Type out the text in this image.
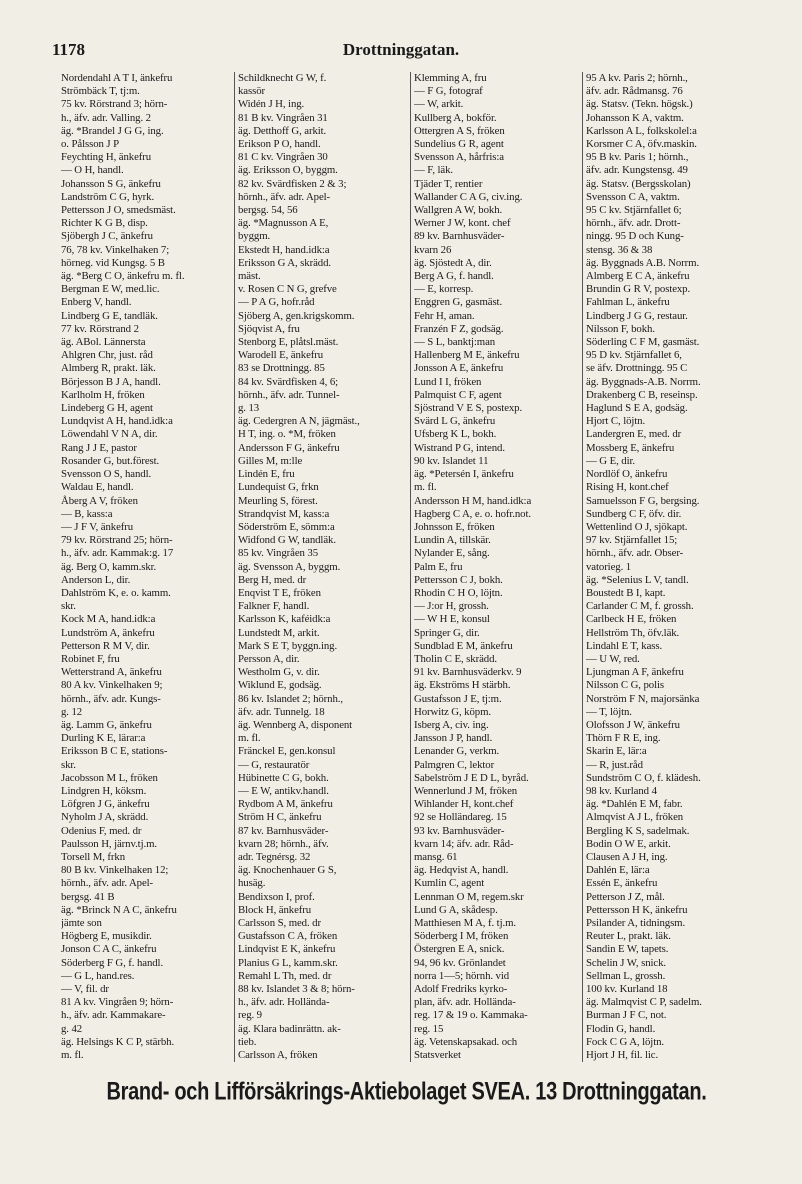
1178	Drottninggatan.
Nordendahl A T I, änkefru
Strömbäck T, tj:m.
75 kv. Rörstrand 3; hörn-
h., äfv. adr. Valling. 2
äg. *Brandel J G G, ing.
o. Pålsson J P
Feychting H, änkefru
— O H, handl.
Johansson S G, änkefru
Landström C G, hyrk.
Pettersson J O, smedsmäst.
Richter K G B, disp.
Sjöbergh J C, änkefru
76, 78 kv. Vinkelhaken 7;
hörneg. vid Kungsg. 5 B
äg. *Berg C O, änkefru m. fl.
Bergman E W, med.lic.
Enberg V, handl.
Lindberg G E, tandläk.
77 kv. Rörstrand 2
äg. ABol. Lännersta
Ahlgren Chr, just. råd
Almberg R, prakt. läk.
Börjesson B J A, handl.
Karlholm H, fröken
Lindeberg G H, agent
Lundqvist A H, hand.idk:a
Löwendahl V N A, dir.
Rang J J E, pastor
Rosander G, but.förest.
Svensson O S, handl.
Waldau E, handl.
Åberg A V, fröken
— B, kass:a
— J F V, änkefru
79 kv. Rörstrand 25; hörn-
h., äfv. adr. Kammak:g. 17
äg. Berg O, kamm.skr.
Anderson L, dir.
Dahlström K, e. o. kamm.
skr.
Kock M A, hand.idk:a
Lundström A, änkefru
Petterson R M V, dir.
Robinet F, fru
Wetterstrand A, änkefru
80 A kv. Vinkelhaken 9;
hörnh., äfv. adr. Kungs-
g. 12
äg. Lamm G, änkefru
Durling K E, lärar:a
Eriksson B C E, stations-
skr.
Jacobsson M L, fröken
Lindgren H, köksm.
Löfgren J G, änkefru
Nyholm J A, skrädd.
Odenius F, med. dr
Paulsson H, järnv.tj.m.
Torsell M, frkn
80 B kv. Vinkelhaken 12;
hörnh., äfv. adr. Apel-
bergsg. 41 B
äg. *Brinck N A C, änkefru
jämte son
Högberg E, musikdir.
Jonson C A C, änkefru
Söderberg F G, f. handl.
— G L, hand.res.
— V, fil. dr
81 A kv. Vingråen 9; hörn-
h., äfv. adr. Kammakare-
g. 42
äg. Helsings K C P, stärbh.
m. fl.
Schildknecht G W, f.
kassör
Widén J H, ing.
81 B kv. Vingråen 31
äg. Detthoff G, arkit.
Erikson P O, handl.
81 C kv. Vingråen 30
äg. Eriksson O, byggm.
82 kv. Svärdfisken 2 & 3;
hörnh., äfv. adr. Apel-
bergsg. 54, 56
äg. *Magnusson A E,
byggm.
Ekstedt H, hand.idk:a
Eriksson G A, skrädd.
mäst.
v. Rosen C N G, grefve
— P A G, hofr.råd
Sjöberg A, gen.krigskomm.
Sjöqvist A, fru
Stenborg E, plåtsl.mäst.
Warodell E, änkefru
83 se Drottningg. 85
84 kv. Svärdfisken 4, 6;
hörnh., äfv. adr. Tunnel-
g. 13
äg. Cedergren A N, jägmäst.,
H T, ing. o. *M, fröken
Andersson F G, änkefru
Gilles M, m:lle
Lindén E, fru
Lundequist G, frkn
Meurling S, förest.
Strandqvist M, kass:a
Söderström E, sömm:a
Widfond G W, tandläk.
85 kv. Vingråen 35
äg. Svensson A, byggm.
Berg H, med. dr
Enqvist T E, fröken
Falkner F, handl.
Karlsson K, kaféidk:a
Lundstedt M, arkit.
Mark S E T, byggn.ing.
Persson A, dir.
Westholm G, v. dir.
Wiklund E, godsäg.
86 kv. Islandet 2; hörnh.,
äfv. adr. Tunnelg. 18
äg. Wennberg A, disponent
m. fl.
Fränckel E, gen.konsul
— G, restauratör
Hübinette C G, bokh.
— E W, antikv.handl.
Rydbom A M, änkefru
Ström H C, änkefru
87 kv. Barnhusväder-
kvarn 28; hörnh., äfv.
adr. Tegnérsg. 32
äg. Knochenhauer G S,
husäg.
Bendixson I, prof.
Block H, änkefru
Carlsson S, med. dr
Gustafsson C A, fröken
Lindqvist E K, änkefru
Planius G L, kamm.skr.
Remahl L Th, med. dr
88 kv. Islandet 3 & 8; hörn-
h., äfv. adr. Hollända-
reg. 9
äg. Klara badinrättn. ak-
tieb.
Carlsson A, fröken
Klemming A, fru
— F G, fotograf
— W, arkit.
Kullberg A, bokför.
Ottergren A S, fröken
Sundelius G R, agent
Svensson A, hårfris:a
— F, läk.
Tjäder T, rentier
Wallander C A G, civ.ing.
Wallgren A W, bokh.
Werner J W, kont. chef
89 kv. Barnhusväder-
kvarn 26
äg. Sjöstedt A, dir.
Berg A G, f. handl.
— E, korresp.
Enggren G, gasmäst.
Fehr H, aman.
Franzén F Z, godsäg.
— S L, banktj:man
Hallenberg M E, änkefru
Jonsson A E, änkefru
Lund I I, fröken
Palmquist C F, agent
Sjöstrand V E S, postexp.
Svärd L G, änkefru
Ufsberg K L, bokh.
Wistrand P G, intend.
90 kv. Islandet 11
äg. *Petersén I, änkefru
m. fl.
Andersson H M, hand.idk:a
Hagberg C A, e. o. hofr.not.
Johnsson E, fröken
Lundin A, tillskär.
Nylander E, sång.
Palm E, fru
Pettersson C J, bokh.
Rhodin C H O, löjtn.
— J:or H, grossh.
— W H E, konsul
Springer G, dir.
Sundblad E M, änkefru
Tholin C E, skrädd.
91 kv. Barnhusväderkv. 9
äg. Ekströms H stärbh.
Gustafsson J E, tj:m.
Horwitz G, köpm.
Isberg A, civ. ing.
Jansson J P, handl.
Lenander G, verkm.
Palmgren C, lektor
Sabelström J E D L, byråd.
Wennerlund J M, fröken
Wihlander H, kont.chef
92 se Holländareg. 15
93 kv. Barnhusväder-
kvarn 14; äfv. adr. Råd-
mansg. 61
äg. Hedqvist A, handl.
Kumlin C, agent
Lennman O M, regem.skr
Lund G A, skådesp.
Matthiesen M A, f. tj.m.
Söderberg I M, fröken
Östergren E A, snick.
94, 96 kv. Grönlandet
norra 1—5; hörnh. vid
Adolf Fredriks kyrko-
plan, äfv. adr. Hollända-
reg. 17 & 19 o. Kammaka-
reg. 15
äg. Vetenskapsakad. och
Statsverket
95 A kv. Paris 2; hörnh.,
äfv. adr. Rådmansg. 76
äg. Statsv. (Tekn. högsk.)
Johansson K A, vaktm.
Karlsson A L, folkskolel:a
Korsmer C A, öfv.maskin.
95 B kv. Paris 1; hörnh.,
äfv. adr. Kungstensg. 49
äg. Statsv. (Bergsskolan)
Svensson C A, vaktm.
95 C kv. Stjärnfallet 6;
hörnh., äfv. adr. Drott-
ningg. 95 D och Kung-
stensg. 36 & 38
äg. Byggnads A.B. Norrm.
Almberg E C A, änkefru
Brundin G R V, postexp.
Fahlman L, änkefru
Lindberg J G G, restaur.
Nilsson F, bokh.
Söderling C F M, gasmäst.
95 D kv. Stjärnfallet 6,
se äfv. Drottningg. 95 C
äg. Byggnads-A.B. Norrm.
Drakenberg C B, reseinsp.
Haglund S E A, godsäg.
Hjort C, löjtn.
Landergren E, med. dr
Mossberg E, änkefru
— G E, dir.
Nordlöf O, änkefru
Rising H, kont.chef
Samuelsson F G, bergsing.
Sundberg C F, öfv. dir.
Wettenlind O J, sjökapt.
97 kv. Stjärnfallet 15;
hörnh., äfv. adr. Obser-
vatorieg. 1
äg. *Selenius L V, tandl.
Boustedt B I, kapt.
Carlander C M, f. grossh.
Carlbeck H E, fröken
Hellström Th, öfv.läk.
Lindahl E T, kass.
— U W, red.
Ljungman A F, änkefru
Nilsson C G, polis
Norström F N, majorsänka
— T, löjtn.
Olofsson J W, änkefru
Thörn F R E, ing.
Skarin E, lär:a
— R, just.råd
Sundström C O, f. klädesh.
98 kv. Kurland 4
äg. *Dahlén E M, fabr.
Almqvist A J L, fröken
Bergling K S, sadelmak.
Bodin O W E, arkit.
Clausen A J H, ing.
Dahlén E, lär:a
Essén E, änkefru
Petterson J Z, mål.
Pettersson H K, änkefru
Psilander A, tidningsm.
Reuter L, prakt. läk.
Sandin E W, tapets.
Schelin J W, snick.
Sellman L, grossh.
100 kv. Kurland 18
äg. Malmqvist C P, sadelm.
Burman J F C, not.
Flodin G, handl.
Fock C G A, löjtn.
Hjort J H, fil. lic.
Brand- och Lifförsäkrings-Aktiebolaget SVEA. 13 Drottninggatan.
